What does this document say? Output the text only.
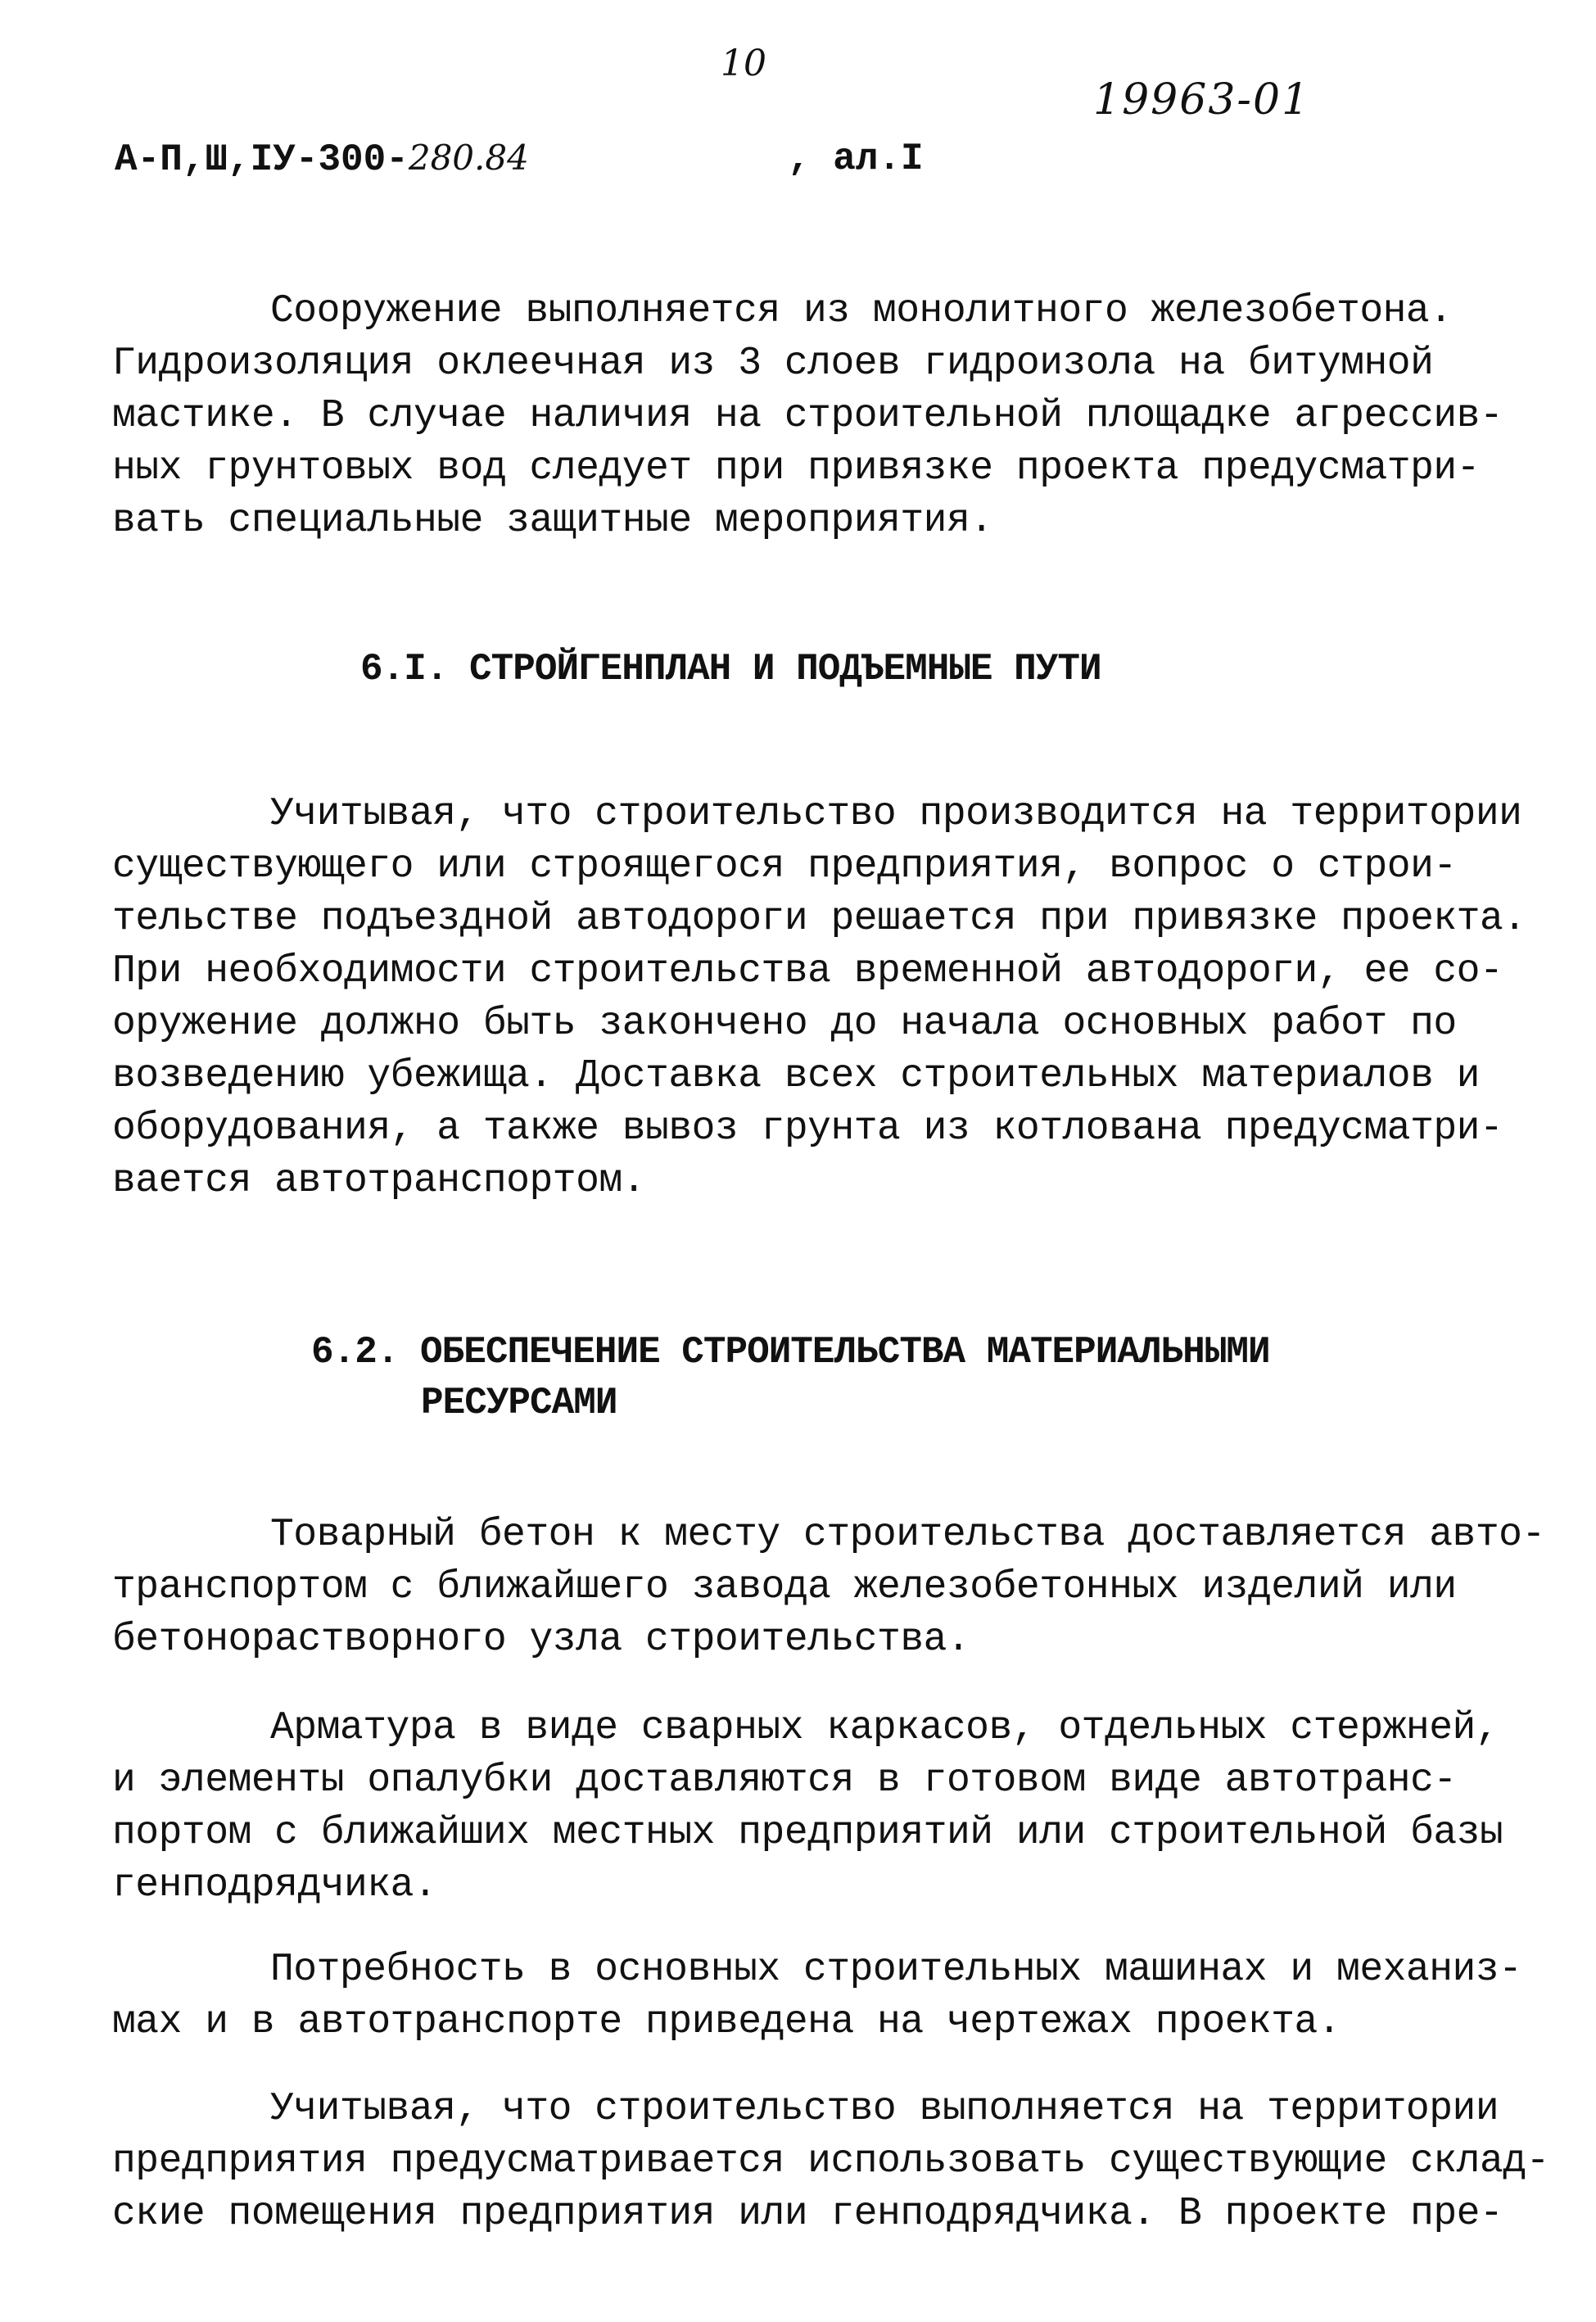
10
19963-01
А-П,Ш,IУ-300-280.84	, ал.I
Сооружение выполняется из монолитного железобетона.
Гидроизоляция оклеечная из 3 слоев гидроизола на битумной
мастике. В случае наличия на строительной площадке агрессив-
ных грунтовых вод следует при привязке проекта предусматри-
вать специальные защитные мероприятия.
6.I. СТРОЙГЕНПЛАН И ПОДЪЕМНЫЕ ПУТИ
Учитывая, что строительство производится на территории
существующего или строящегося предприятия, вопрос о строи-
тельстве подъездной автодороги решается при привязке проекта.
При необходимости строительства временной автодороги, ее со-
оружение должно быть закончено до начала основных работ по
возведению убежища. Доставка всех строительных материалов и
оборудования, а также вывоз грунта из котлована предусматри-
вается автотранспортом.
6.2. ОБЕСПЕЧЕНИЕ СТРОИТЕЛЬСТВА МАТЕРИАЛЬНЫМИ
РЕСУРСАМИ
Товарный бетон к месту строительства доставляется авто-
транспортом с ближайшего завода железобетонных изделий или
бетонорастворного узла строительства.
Арматура в виде сварных каркасов, отдельных стержней,
и элементы опалубки доставляются в готовом виде автотранс-
портом с ближайших местных предприятий или строительной базы
генподрядчика.
Потребность в основных строительных машинах и механиз-
мах и в автотранспорте приведена на чертежах проекта.
Учитывая, что строительство выполняется на территории
предприятия предусматривается использовать существующие склад-
ские помещения предприятия или генподрядчика. В проекте пре-
